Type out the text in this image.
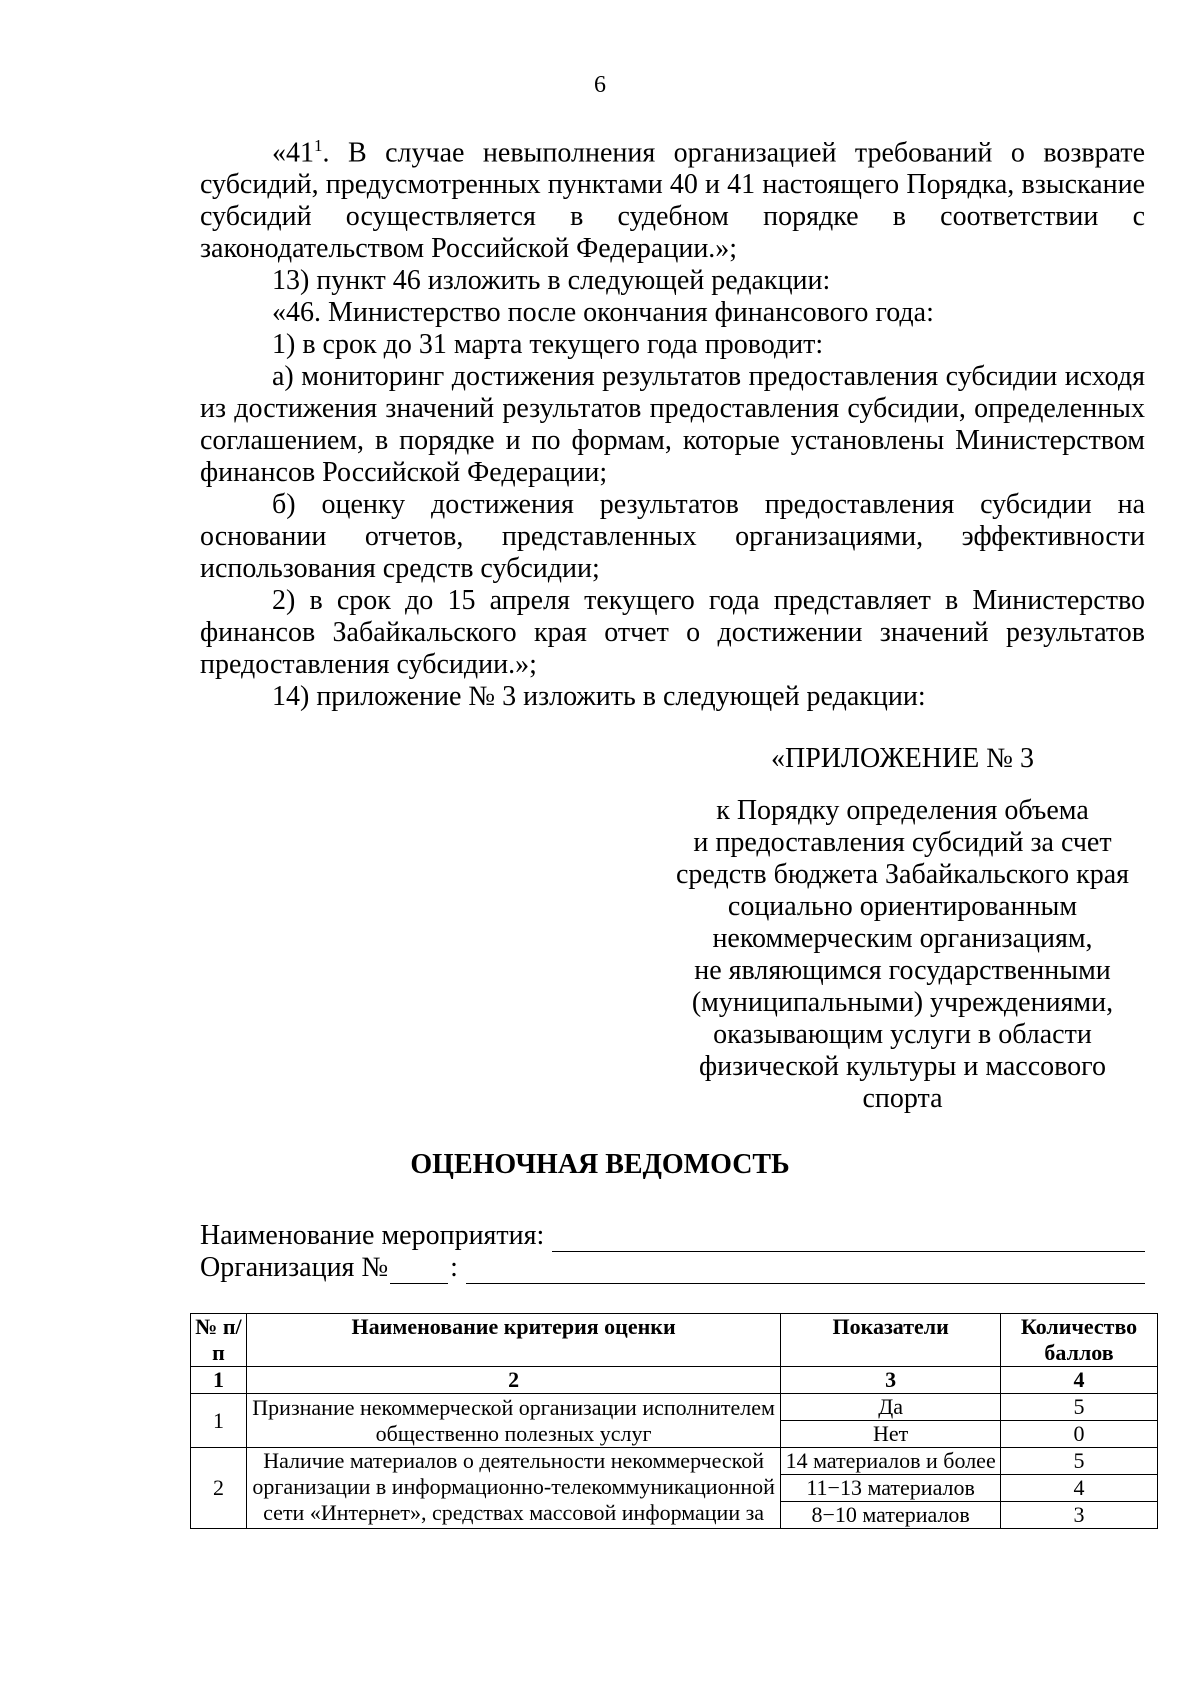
6

«$41^1$. В случае невыполнения организацией требований о возврате субсидий, предусмотренных пунктами 40 и 41 настоящего Порядка, взыскание субсидий осуществляется в судебном порядке в соответствии с законодательством Российской Федерации.»;

13) пункт 46 изложить в следующей редакции:

«46. Министерство после окончания финансового года:

1) в срок до 31 марта текущего года проводит:

а) мониторинг достижения результатов предоставления субсидии исходя из достижения значений результатов предоставления субсидии, определенных соглашением, в порядке и по формам, которые установлены Министерством финансов Российской Федерации;

б) оценку достижения результатов предоставления субсидии на основании отчетов, представленных организациями, эффективности использования средств субсидии;

2) в срок до 15 апреля текущего года представляет в Министерство финансов Забайкальского края отчет о достижении значений результатов предоставления субсидии.»;

14) приложение № 3 изложить в следующей редакции:

«ПРИЛОЖЕНИЕ № 3

к Порядку определения объема
и предоставления субсидий за счет
средств бюджета Забайкальского края
социально ориентированным
некоммерческим организациям,
не являющимся государственными
(муниципальными) учреждениями,
оказывающим услуги в области
физической культуры и массового
спорта
ОЦЕНОЧНАЯ ВЕДОМОСТЬ
Наименование мероприятия:
Организация № :
№ п/п	Наименование критерия оценки	Показатели	Количество баллов
1	2	3	4
1	Признание некоммерческой организации исполнителем общественно полезных услуг	Да	5
		Нет	0
2	Наличие материалов о деятельности некоммерческой организации в информационно-телекоммуникационной сети «Интернет», средствах массовой информации за	14 материалов и более	5
		11−13 материалов	4
		8−10 материалов	3
